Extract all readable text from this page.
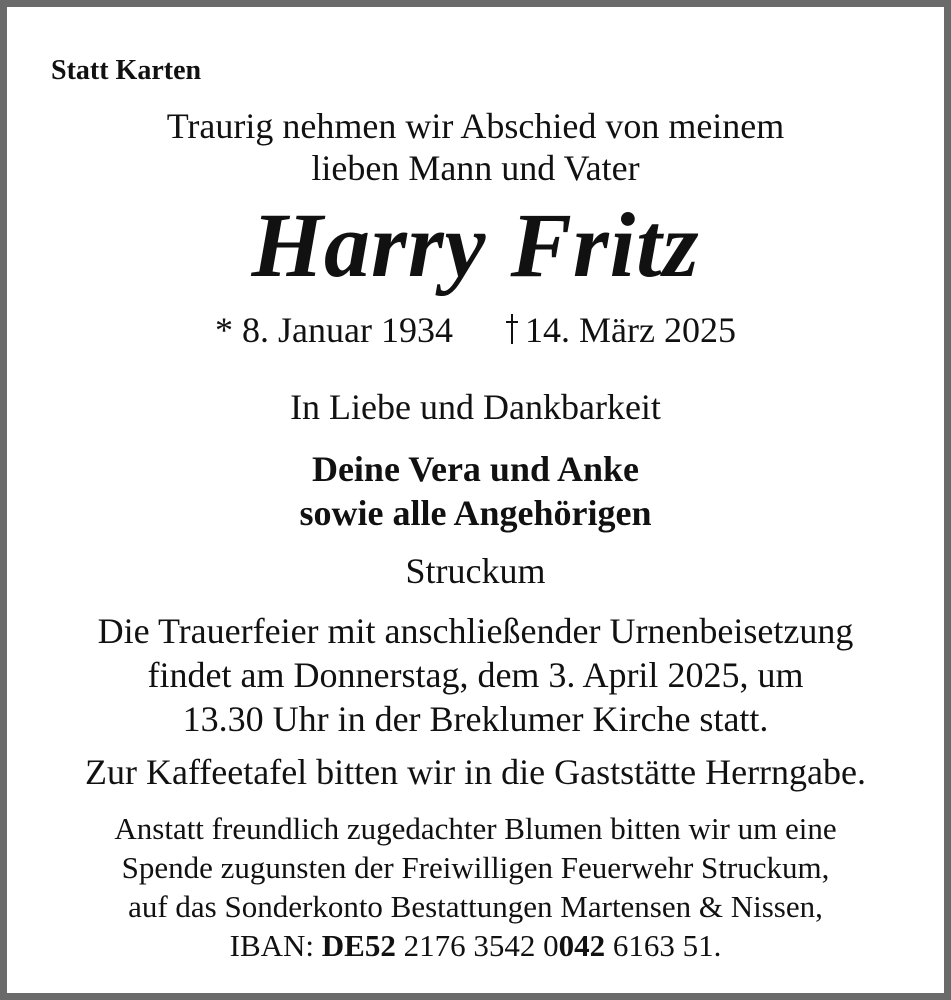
Statt Karten
Traurig nehmen wir Abschied von meinem
lieben Mann und Vater
Harry Fritz
* 8. Januar 1934 14. März 2025
In Liebe und Dankbarkeit
Deine Vera und Anke
sowie alle Angehörigen
Struckum
Die Trauerfeier mit anschließender Urnenbeisetzung
findet am Donnerstag, dem 3. April 2025, um
13.30 Uhr in der Breklumer Kirche statt.
Zur Kaffeetafel bitten wir in die Gaststätte Herrngabe.
Anstatt freundlich zugedachter Blumen bitten wir um eine
Spende zugunsten der Freiwilligen Feuerwehr Struckum,
auf das Sonderkonto Bestattungen Martensen & Nissen,
IBAN: DE52 2176 3542 0042 6163 51.
